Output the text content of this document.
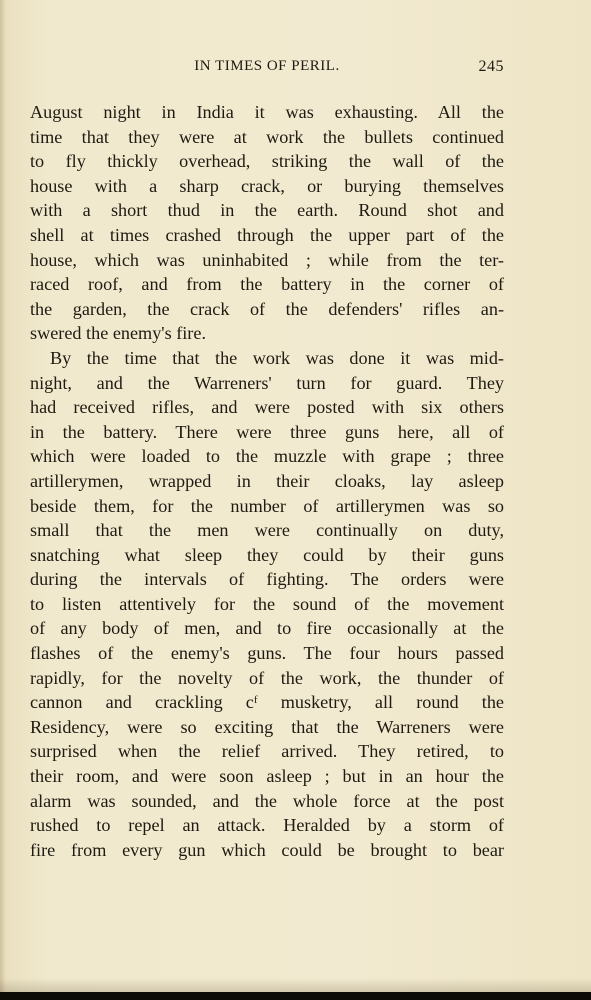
IN TIMES OF PERIL.	245
August night in India it was exhausting. All the
time that they were at work the bullets continued
to fly thickly overhead, striking the wall of the
house with a sharp crack, or burying themselves
with a short thud in the earth. Round shot and
shell at times crashed through the upper part of the
house, which was uninhabited ; while from the ter-
raced roof, and from the battery in the corner of
the garden, the crack of the defenders' rifles an-
swered the enemy's fire.
By the time that the work was done it was mid-
night, and the Warreners' turn for guard. They
had received rifles, and were posted with six others
in the battery. There were three guns here, all of
which were loaded to the muzzle with grape ; three
artillerymen, wrapped in their cloaks, lay asleep
beside them, for the number of artillerymen was so
small that the men were continually on duty,
snatching what sleep they could by their guns
during the intervals of fighting. The orders were
to listen attentively for the sound of the movement
of any body of men, and to fire occasionally at the
flashes of the enemy's guns. The four hours passed
rapidly, for the novelty of the work, the thunder of
cannon and crackling cᶠ musketry, all round the
Residency, were so exciting that the Warreners were
surprised when the relief arrived. They retired, to
their room, and were soon asleep ; but in an hour the
alarm was sounded, and the whole force at the post
rushed to repel an attack. Heralded by a storm of
fire from every gun which could be brought to bear
